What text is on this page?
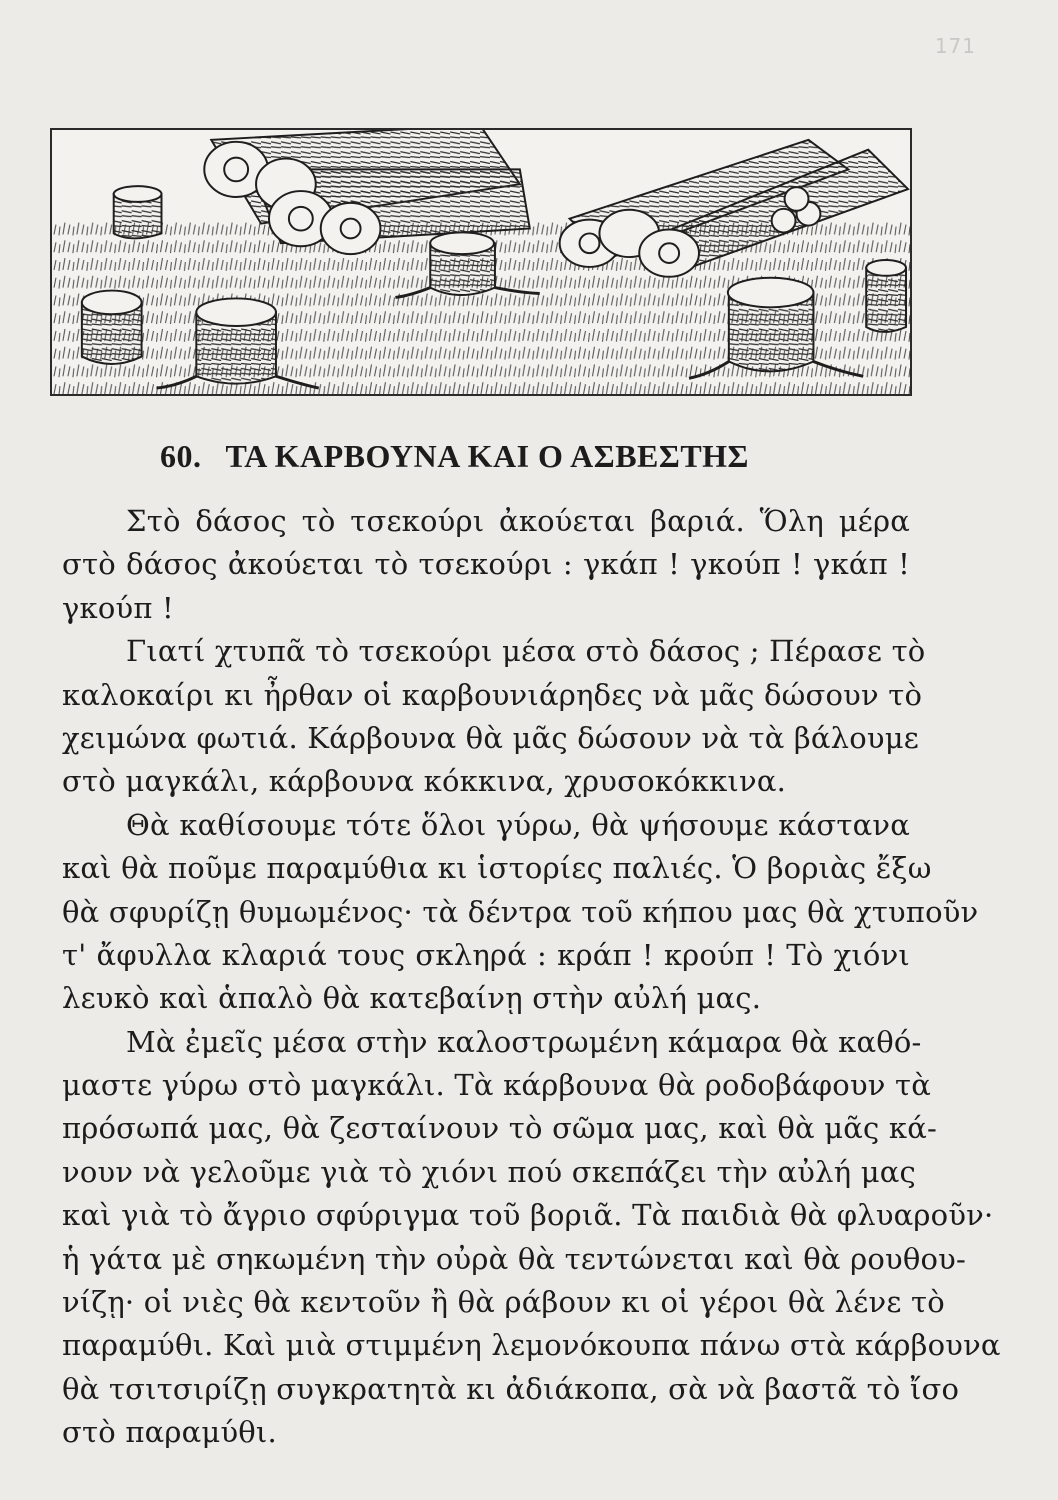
171
60. ΤΑ ΚΑΡΒΟΥΝΑ ΚΑΙ Ο ΑΣΒΕΣΤΗΣ
Στὸ δάσος τὸ τσεκούρι ἀκούεται βαριά. Ὅλη μέρα
στὸ δάσος ἀκούεται τὸ τσεκούρι : γκάπ ! γκούπ ! γκάπ !
γκούπ !
Γιατί χτυπᾶ τὸ τσεκούρι μέσα στὸ δάσος ; Πέρασε τὸ
καλοκαίρι κι ἦρθαν οἱ καρβουνιάρηδες νὰ μᾶς δώσουν τὸ
χειμώνα φωτιά. Κάρβουνα θὰ μᾶς δώσουν νὰ τὰ βάλουμε
στὸ μαγκάλι, κάρβουνα κόκκινα, χρυσοκόκκινα.
Θὰ καθίσουμε τότε ὅλοι γύρω, θὰ ψήσουμε κάστανα
καὶ θὰ ποῦμε παραμύθια κι ἱστορίες παλιές. Ὁ βοριὰς ἔξω
θὰ σφυρίζῃ θυμωμένος· τὰ δέντρα τοῦ κήπου μας θὰ χτυποῦν
τ' ἄφυλλα κλαριά τους σκληρά : κράπ ! κρούπ ! Τὸ χιόνι
λευκὸ καὶ ἁπαλὸ θὰ κατεβαίνῃ στὴν αὐλή μας.
Μὰ ἐμεῖς μέσα στὴν καλοστρωμένη κάμαρα θὰ καθό-
μαστε γύρω στὸ μαγκάλι. Τὰ κάρβουνα θὰ ροδοβάφουν τὰ
πρόσωπά μας, θὰ ζεσταίνουν τὸ σῶμα μας, καὶ θὰ μᾶς κά-
νουν νὰ γελοῦμε γιὰ τὸ χιόνι πού σκεπάζει τὴν αὐλή μας
καὶ γιὰ τὸ ἄγριο σφύριγμα τοῦ βοριᾶ. Τὰ παιδιὰ θὰ φλυαροῦν·
ἡ γάτα μὲ σηκωμένη τὴν οὐρὰ θὰ τεντώνεται καὶ θὰ ρουθου-
νίζῃ· οἱ νιὲς θὰ κεντοῦν ἢ θὰ ράβουν κι οἱ γέροι θὰ λένε τὸ
παραμύθι. Καὶ μιὰ στιμμένη λεμονόκουπα πάνω στὰ κάρβουνα
θὰ τσιτσιρίζῃ συγκρατητὰ κι ἀδιάκοπα, σὰ νὰ βαστᾶ τὸ ἴσο
στὸ παραμύθι.
